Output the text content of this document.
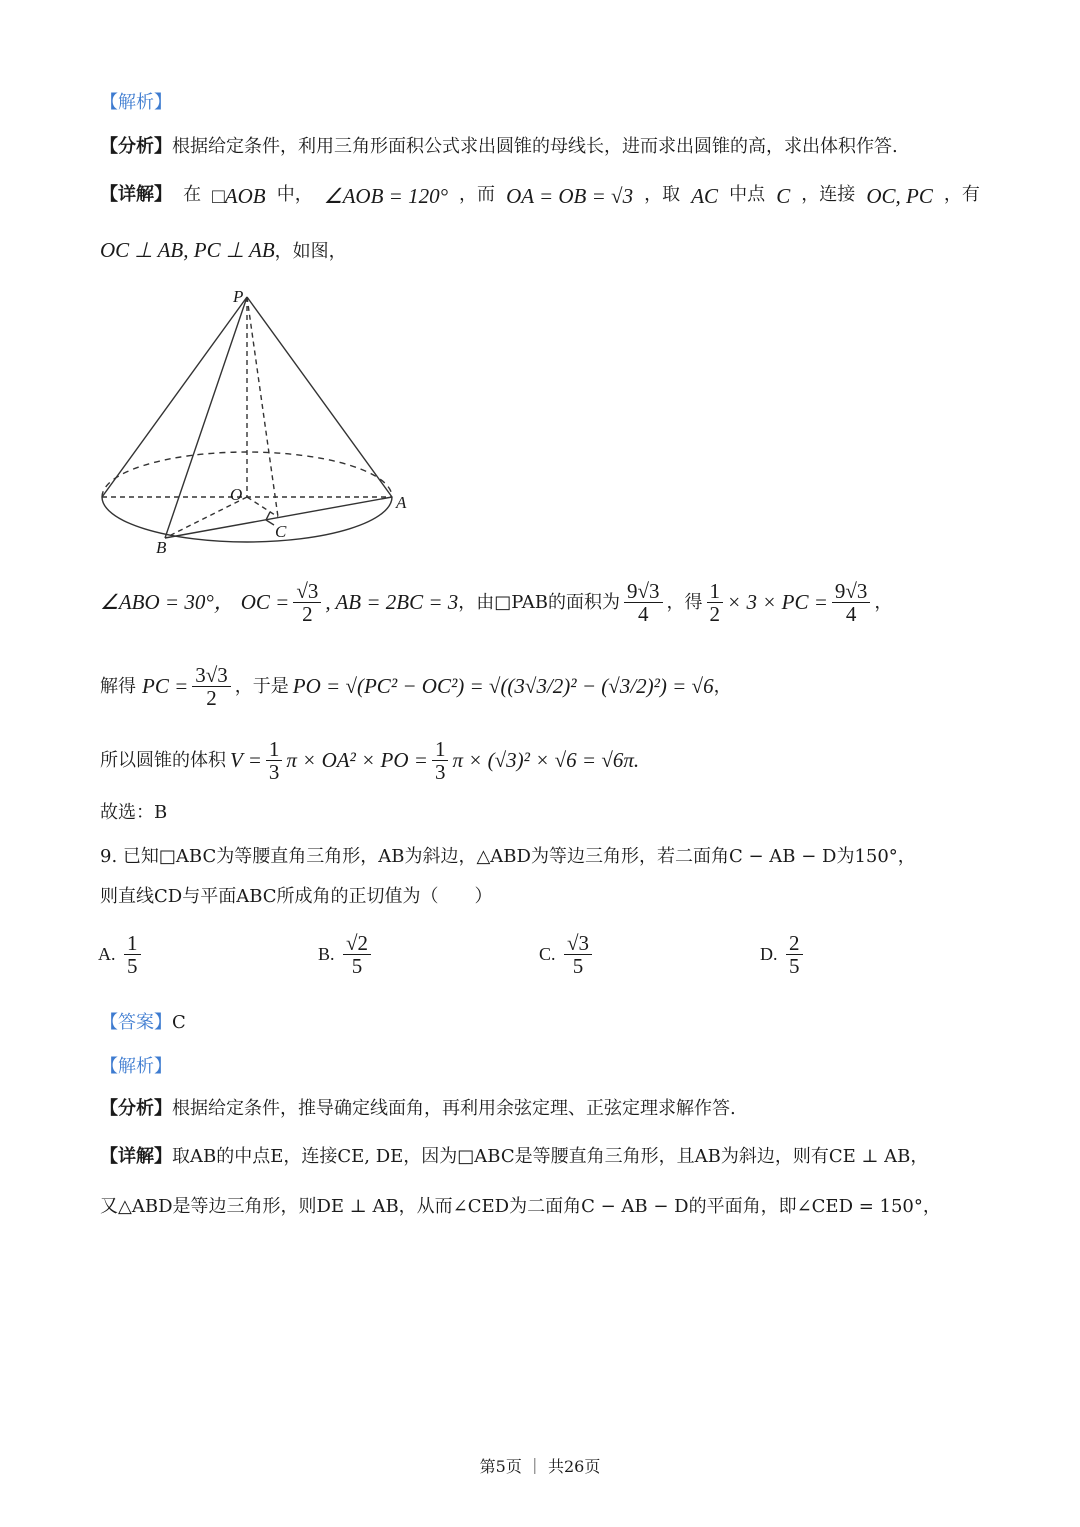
【解析】
【分析】根据给定条件，利用三角形面积公式求出圆锥的母线长，进而求出圆锥的高，求出体积作答.
【详解】 在 □AOB 中， ∠AOB = 120° ，而 OA = OB = √3 ，取 AC 中点 C ，连接 OC, PC ，有
OC ⊥ AB, PC ⊥ AB，如图，
P
O	A
B
C
∠ABO = 30°， OC = $\frac{√3}{2}$ , AB = 2BC = 3 ，由□PAB的面积为 $\frac{9√3}{4}$ ，得 $\frac{1}{2} \times 3$ × PC = $\frac{9√3}{4}$ ，
解得 PC = $\frac{3√3}{2}$ ，于是 PO = √(PC² − OC²) = √((3√3/2)² − (√3/2)²) = √6 ，
所以圆锥的体积 $V = \frac{1}{3}$ π × OA² × PO = $\frac{1}{3}$ π × (√3)² × √6 = √6π.
故选：B
9. 已知□ABC为等腰直角三角形，AB为斜边，△ABD为等边三角形，若二面角C − AB − D为150°，
则直线CD与平面ABC所成角的正切值为（　　）
A. $\frac{1}{5}$	B. $\frac{√2}{5}$	C. $\frac{√3}{5}$	D. $\frac{2}{5}$
【答案】C
【解析】
【分析】根据给定条件，推导确定线面角，再利用余弦定理、正弦定理求解作答.
【详解】取AB的中点E，连接CE, DE，因为□ABC是等腰直角三角形，且AB为斜边，则有CE ⊥ AB，
又△ABD是等边三角形，则DE ⊥ AB，从而∠CED为二面角C − AB − D的平面角，即∠CED = 150°，
第5页 ｜ 共26页
